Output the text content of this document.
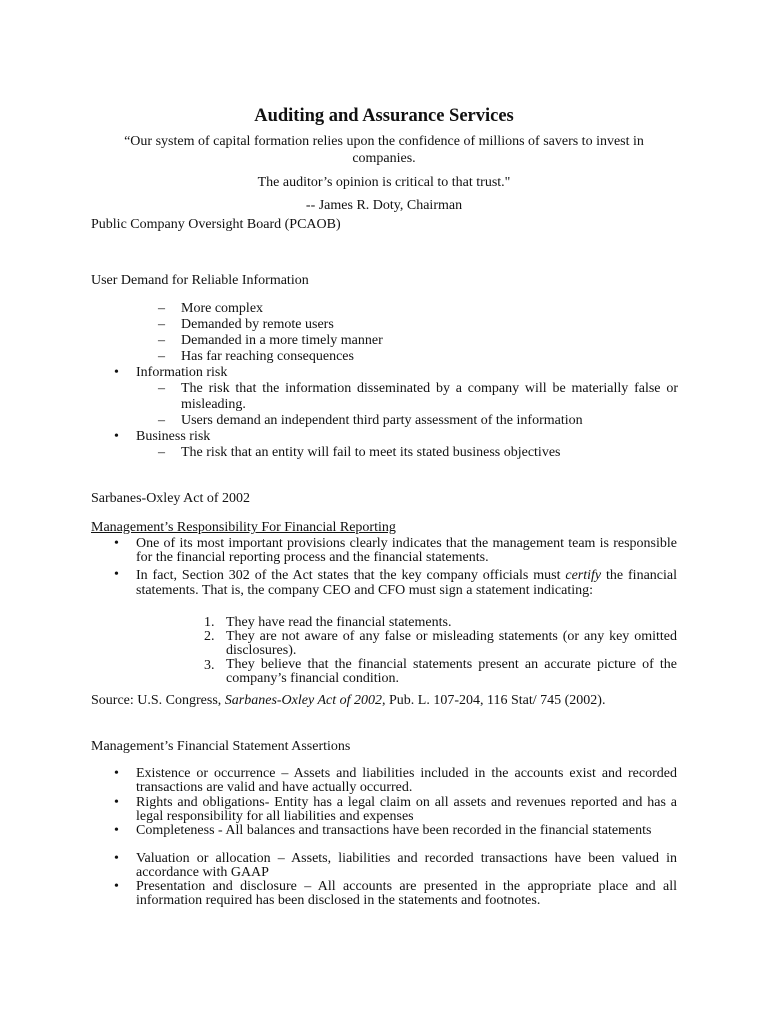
Auditing and Assurance Services
“Our system of capital formation relies upon the confidence of millions of savers to invest in
companies.
The auditor’s opinion is critical to that trust."
-- James R. Doty, Chairman
Public Company Oversight Board (PCAOB)
User Demand for Reliable Information
– More complex
– Demanded by remote users
– Demanded in a more timely manner
– Has far reaching consequences
• Information risk
– The risk that the information disseminated by a company will be materially false or misleading.
– Users demand an independent third party assessment of the information
• Business risk
– The risk that an entity will fail to meet its stated business objectives
Sarbanes-Oxley Act of 2002
Management’s Responsibility For Financial Reporting
• One of its most important provisions clearly indicates that the management team is responsible for the financial reporting process and the financial statements.
• In fact, Section 302 of the Act states that the key company officials must certify the financial statements. That is, the company CEO and CFO must sign a statement indicating:
1. They have read the financial statements.
2. They are not aware of any false or misleading statements (or any key omitted disclosures).
3. They believe that the financial statements present an accurate picture of the company’s financial condition.
Source: U.S. Congress, Sarbanes-Oxley Act of 2002, Pub. L. 107-204, 116 Stat/ 745 (2002).
Management’s Financial Statement Assertions
• Existence or occurrence – Assets and liabilities included in the accounts exist and recorded transactions are valid and have actually occurred.
• Rights and obligations- Entity has a legal claim on all assets and revenues reported and has a legal responsibility for all liabilities and expenses
• Completeness - All balances and transactions have been recorded in the financial statements
• Valuation or allocation – Assets, liabilities and recorded transactions have been valued in accordance with GAAP
• Presentation and disclosure – All accounts are presented in the appropriate place and all information required has been disclosed in the statements and footnotes.
